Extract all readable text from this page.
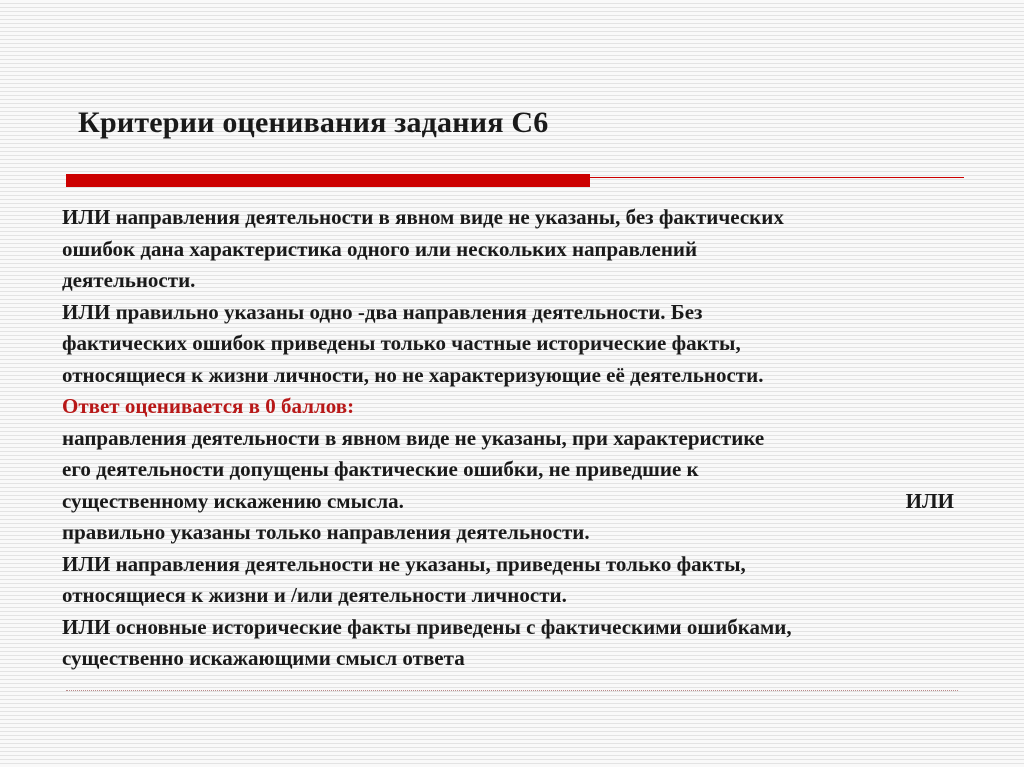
Критерии оценивания задания С6

ИЛИ направления деятельности в явном виде не указаны, без фактических

ошибок дана характеристика одного или нескольких направлений

деятельности.

ИЛИ правильно указаны одно -два направления деятельности. Без

фактических ошибок приведены только частные исторические факты,

относящиеся к жизни личности, но не характеризующие её деятельности.

Ответ оценивается в 0 баллов:

направления деятельности в явном виде не указаны, при характеристике

его деятельности допущены фактические ошибки, не приведшие к

существенному искажению смысла.	ИЛИ

правильно указаны только направления деятельности.

ИЛИ направления деятельности не указаны, приведены только факты,

относящиеся к жизни и /или деятельности личности.

ИЛИ основные исторические факты приведены с фактическими ошибками,

существенно искажающими смысл ответа
